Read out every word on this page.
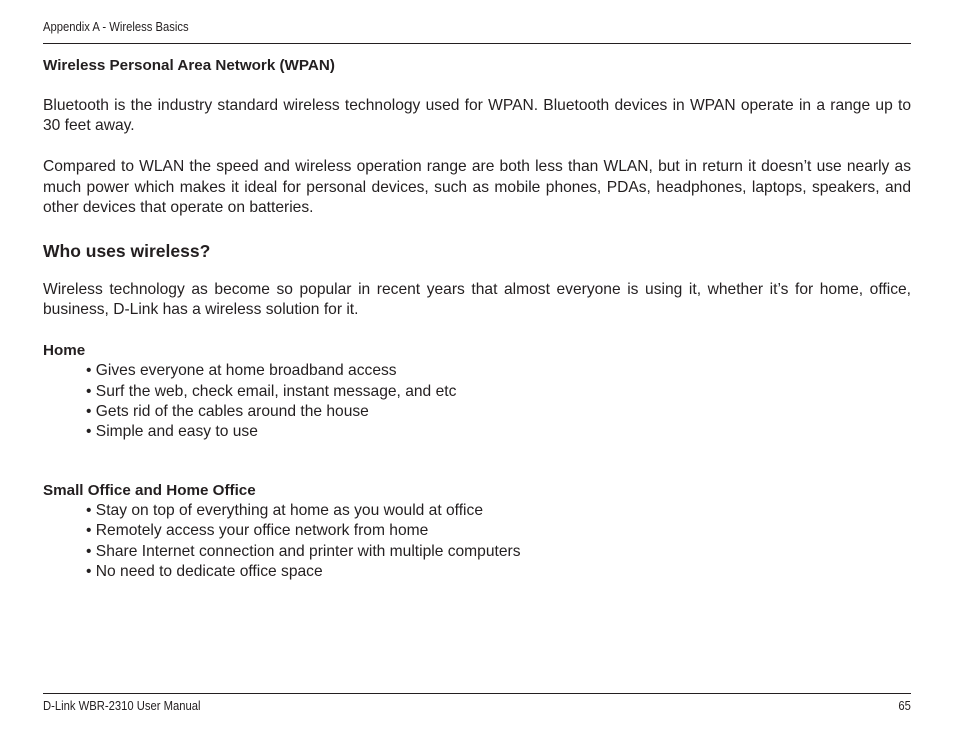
Appendix A - Wireless Basics
Wireless Personal Area Network (WPAN)

Bluetooth is the industry standard wireless technology used for WPAN. Bluetooth devices in WPAN operate in a range up to 30 feet away.

Compared to WLAN the speed and wireless operation range are both less than WLAN, but in return it doesn’t use nearly as much power which makes it ideal for personal devices, such as mobile phones, PDAs, headphones, laptops, speakers, and other devices that operate on batteries.

Who uses wireless?

Wireless technology as become so popular in recent years that almost everyone is using it, whether it’s for home, office, business, D-Link has a wireless solution for it.

Home
• Gives everyone at home broadband access
• Surf the web, check email, instant message, and etc
• Gets rid of the cables around the house
• Simple and easy to use
Small Office and Home Office
• Stay on top of everything at home as you would at office
• Remotely access your office network from home
• Share Internet connection and printer with multiple computers
• No need to dedicate office space
D-Link WBR-2310 User Manual	65
